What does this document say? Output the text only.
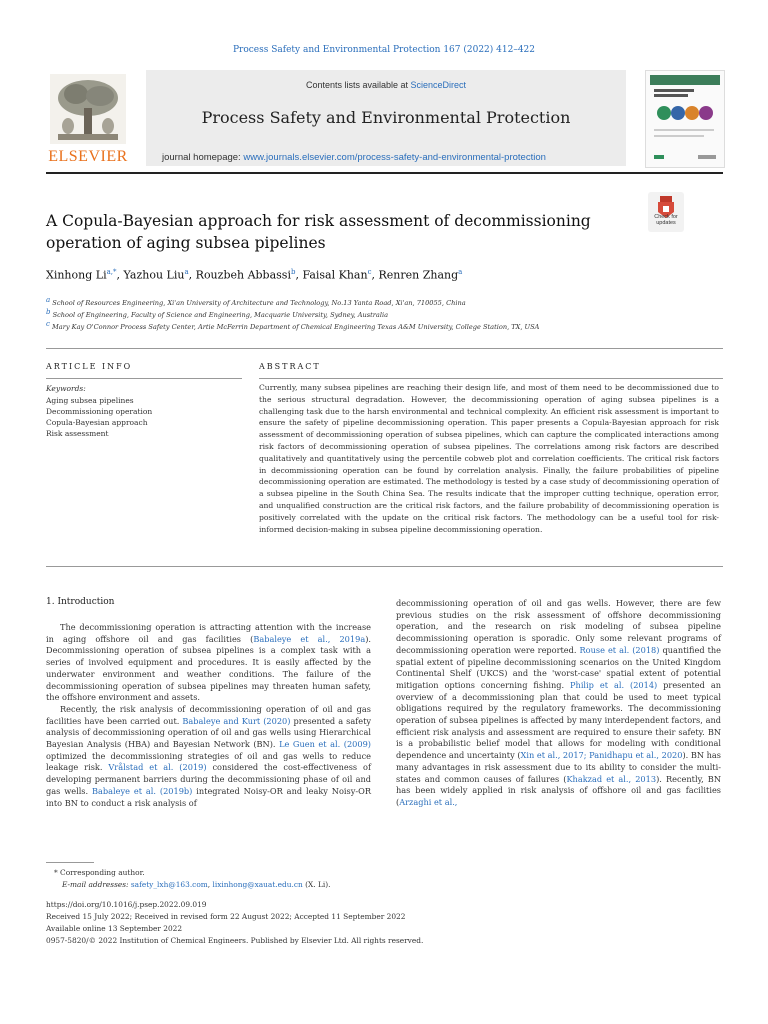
Process Safety and Environmental Protection 167 (2022) 412–422
ELSEVIER
Contents lists available at ScienceDirect
Process Safety and Environmental Protection
journal homepage: www.journals.elsevier.com/process-safety-and-environmental-protection
A Copula-Bayesian approach for risk assessment of decommissioning
operation of aging subsea pipelines
Check for updates
Xinhong $Li^{a,*}$, Yazhou Liu$^a$, Rouzbeh Abbassi$^b$, Faisal Khan$^c$, Renren Zhang$^a$
a School of Resources Engineering, Xi'an University of Architecture and Technology, No.13 Yanta Road, Xi'an, 710055, China
b School of Engineering, Faculty of Science and Engineering, Macquarie University, Sydney, Australia
c Mary Kay O'Connor Process Safety Center, Artie McFerrin Department of Chemical Engineering Texas A&M University, College Station, TX, USA
ARTICLE INFO	ABSTRACT
Keywords:
Aging subsea pipelines
Decommissioning operation
Copula-Bayesian approach
Risk assessment
Currently, many subsea pipelines are reaching their design life, and most of them need to be decommissioned due to the serious structural degradation. However, the decommissioning operation of aging subsea pipelines is a challenging task due to the harsh environmental and technical complexity. An efficient risk assessment is important to ensure the safety of pipeline decommissioning operation. This paper presents a Copula-Bayesian approach for risk assessment of decommissioning operation of subsea pipelines, which can capture the complicated interactions among risk factors of decommissioning operation of subsea pipelines. The correlations among risk factors are described qualitatively and quantitatively using the percentile cobweb plot and correlation coefficients. The critical risk factors in decommissioning operation can be found by correlation analysis. Finally, the failure probabilities of pipeline decommissioning operation are estimated. The methodology is tested by a case study of decommissioning operation of a subsea pipeline in the South China Sea. The results indicate that the improper cutting technique, operation error, and unqualified construction are the critical risk factors, and the failure probability of decommissioning operation is positively correlated with the update on the critical risk factors. The methodology can be a useful tool for risk-informed decision-making in subsea pipeline decommissioning operation.
1. Introduction
The decommissioning operation is attracting attention with the increase in aging offshore oil and gas facilities (Babaleye et al., 2019a). Decommissioning operation of subsea pipelines is a complex task with a series of involved equipment and procedures. It is easily affected by the underwater environment and weather conditions. The failure of the decommissioning operation of subsea pipelines may threaten human safety, the offshore environment and assets.
Recently, the risk analysis of decommissioning operation of oil and gas facilities have been carried out. Babaleye and Kurt (2020) presented a safety analysis of decommissioning operation of oil and gas wells using Hierarchical Bayesian Analysis (HBA) and Bayesian Network (BN). Le Guen et al. (2009) optimized the decommissioning strategies of oil and gas wells to reduce leakage risk. Vrålstad et al. (2019) considered the cost-effectiveness of developing permanent barriers during the decommissioning phase of oil and gas wells. Babaleye et al. (2019b) integrated Noisy-OR and leaky Noisy-OR into BN to conduct a risk analysis of
decommissioning operation of oil and gas wells. However, there are few previous studies on the risk assessment of offshore decommissioning operation, and the research on risk modeling of subsea pipeline decommissioning operation is sporadic. Only some relevant programs of decommissioning operation were reported. Rouse et al. (2018) quantified the spatial extent of pipeline decommissioning scenarios on the United Kingdom Continental Shelf (UKCS) and the 'worst-case' spatial extent of potential mitigation options concerning fishing. Philip et al. (2014) presented an overview of a decommissioning plan that could be used to meet typical obligations required by the regulatory frameworks. The decommissioning operation of subsea pipelines is affected by many interdependent factors, and efficient risk analysis and assessment are required to ensure their safety. BN is a probabilistic belief model that allows for modeling with conditional dependence and uncertainty (Xin et al., 2017; Panidhapu et al., 2020). BN has many advantages in risk assessment due to its ability to consider the multi-states and common causes of failures (Khakzad et al., 2013). Recently, BN has been widely applied in risk analysis of offshore oil and gas facilities (Arzaghi et al.,
* Corresponding author.
E-mail addresses: safety_lxh@163.com, lixinhong@xauat.edu.cn (X. Li).
https://doi.org/10.1016/j.psep.2022.09.019
Received 15 July 2022; Received in revised form 22 August 2022; Accepted 11 September 2022
Available online 13 September 2022
0957-5820/© 2022 Institution of Chemical Engineers. Published by Elsevier Ltd. All rights reserved.
